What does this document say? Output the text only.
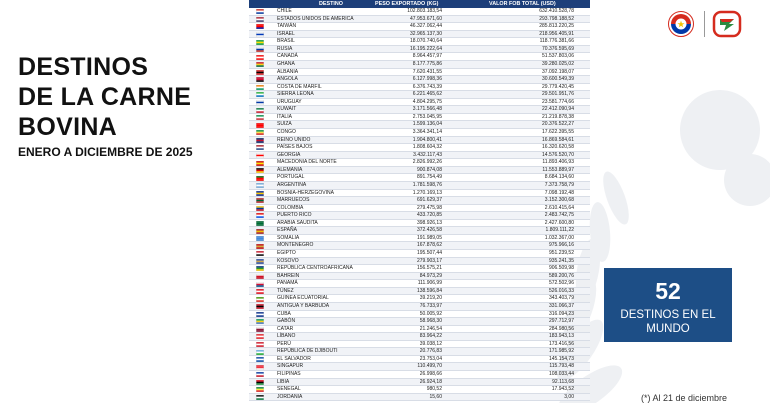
DESTINOS
DE LA CARNE
BOVINA
ENERO A DICIEMBRE DE 2025
DESTINO	PESO EXPORTADO (KG)	VALOR FOB TOTAL (USD)
CHILE	102.803.183,54	632.410.528,78
ESTADOS UNIDOS DE AMERICA	47.953.671,60	293.798.188,52
TAIWÁN	46.327.062,44	285.813.220,25
ISRAEL	32.965.137,30	218.956.405,91
BRASIL	18.070.740,64	118.776.381,66
RUSIA	16.195.222,64	70.376.595,69
CANADÁ	8.964.457,97	51.537.803,06
GHANA	8.177.775,86	39.280.025,02
ALBANIA	7.620.431,55	37.092.198,07
ANGOLA	6.127.998,36	30.600.549,39
COSTA DE MARFIL	6.376.743,39	29.779.420,45
SIERRA LEONA	6.221.465,62	29.501.951,76
URUGUAY	4.804.295,75	23.581.774,66
KUWAIT	3.171.566,48	22.412.090,94
ITALIA	2.753.045,95	21.219.878,38
SUIZA	1.599.136,04	20.376.522,27
CONGO	3.364.341,14	17.622.395,55
REINO UNIDO	1.904.800,41	16.869.584,61
PAÍSES BAJOS	1.808.604,32	16.320.620,58
GEORGIA	3.432.117,43	14.576.520,70
MACEDONIA DEL NORTE	2.826.992,26	11.893.406,93
ALEMANIA	900.874,08	11.553.889,97
PORTUGAL	891.754,49	8.684.134,60
ARGENTINA	1.781.598,76	7.373.758,79
BOSNIA-HERZEGOVINA	1.270.169,13	7.098.192,48
MARRUECOS	691.629,37	3.152.300,68
COLOMBIA	279.475,98	2.610.415,64
PUERTO RICO	433.720,85	2.483.742,75
ARABIA SAUDITA	398.926,13	2.427.600,80
ESPAÑA	372.426,58	1.809.111,22
SOMALIA	191.989,05	1.032.367,00
MONTENEGRO	167.878,62	975.966,16
EGIPTO	195.507,44	951.239,52
KOSOVO	279.903,17	935.241,35
REPÚBLICA CENTROAFRICANA	156.575,21	906.509,98
BAHREIN	84.973,29	589.200,76
PANAMÁ	111.906,99	572.502,96
TÚNEZ	138.596,84	526.016,33
GUINEA ECUATORIAL	39.219,20	343.403,79
ANTIGUA Y BARBUDA	76.733,97	331.066,37
CUBA	50.005,92	316.094,23
GABÓN	58.968,30	297.712,97
CATAR	21.246,54	284.980,56
LÍBANO	83.964,22	183.943,13
PERÚ	39.038,12	173.416,56
REPÚBLICA DE DJIBOUTI	20.776,83	171.985,92
EL SALVADOR	23.753,04	145.154,73
SINGAPUR	110.499,70	115.793,48
FILIPINAS	26.998,66	108.033,44
LIBIA	26.924,18	92.113,68
SENEGAL	980,52	17.943,52
JORDANIA	15,60	3,00
52
DESTINOS EN EL MUNDO
(*) Al 21 de diciembre
